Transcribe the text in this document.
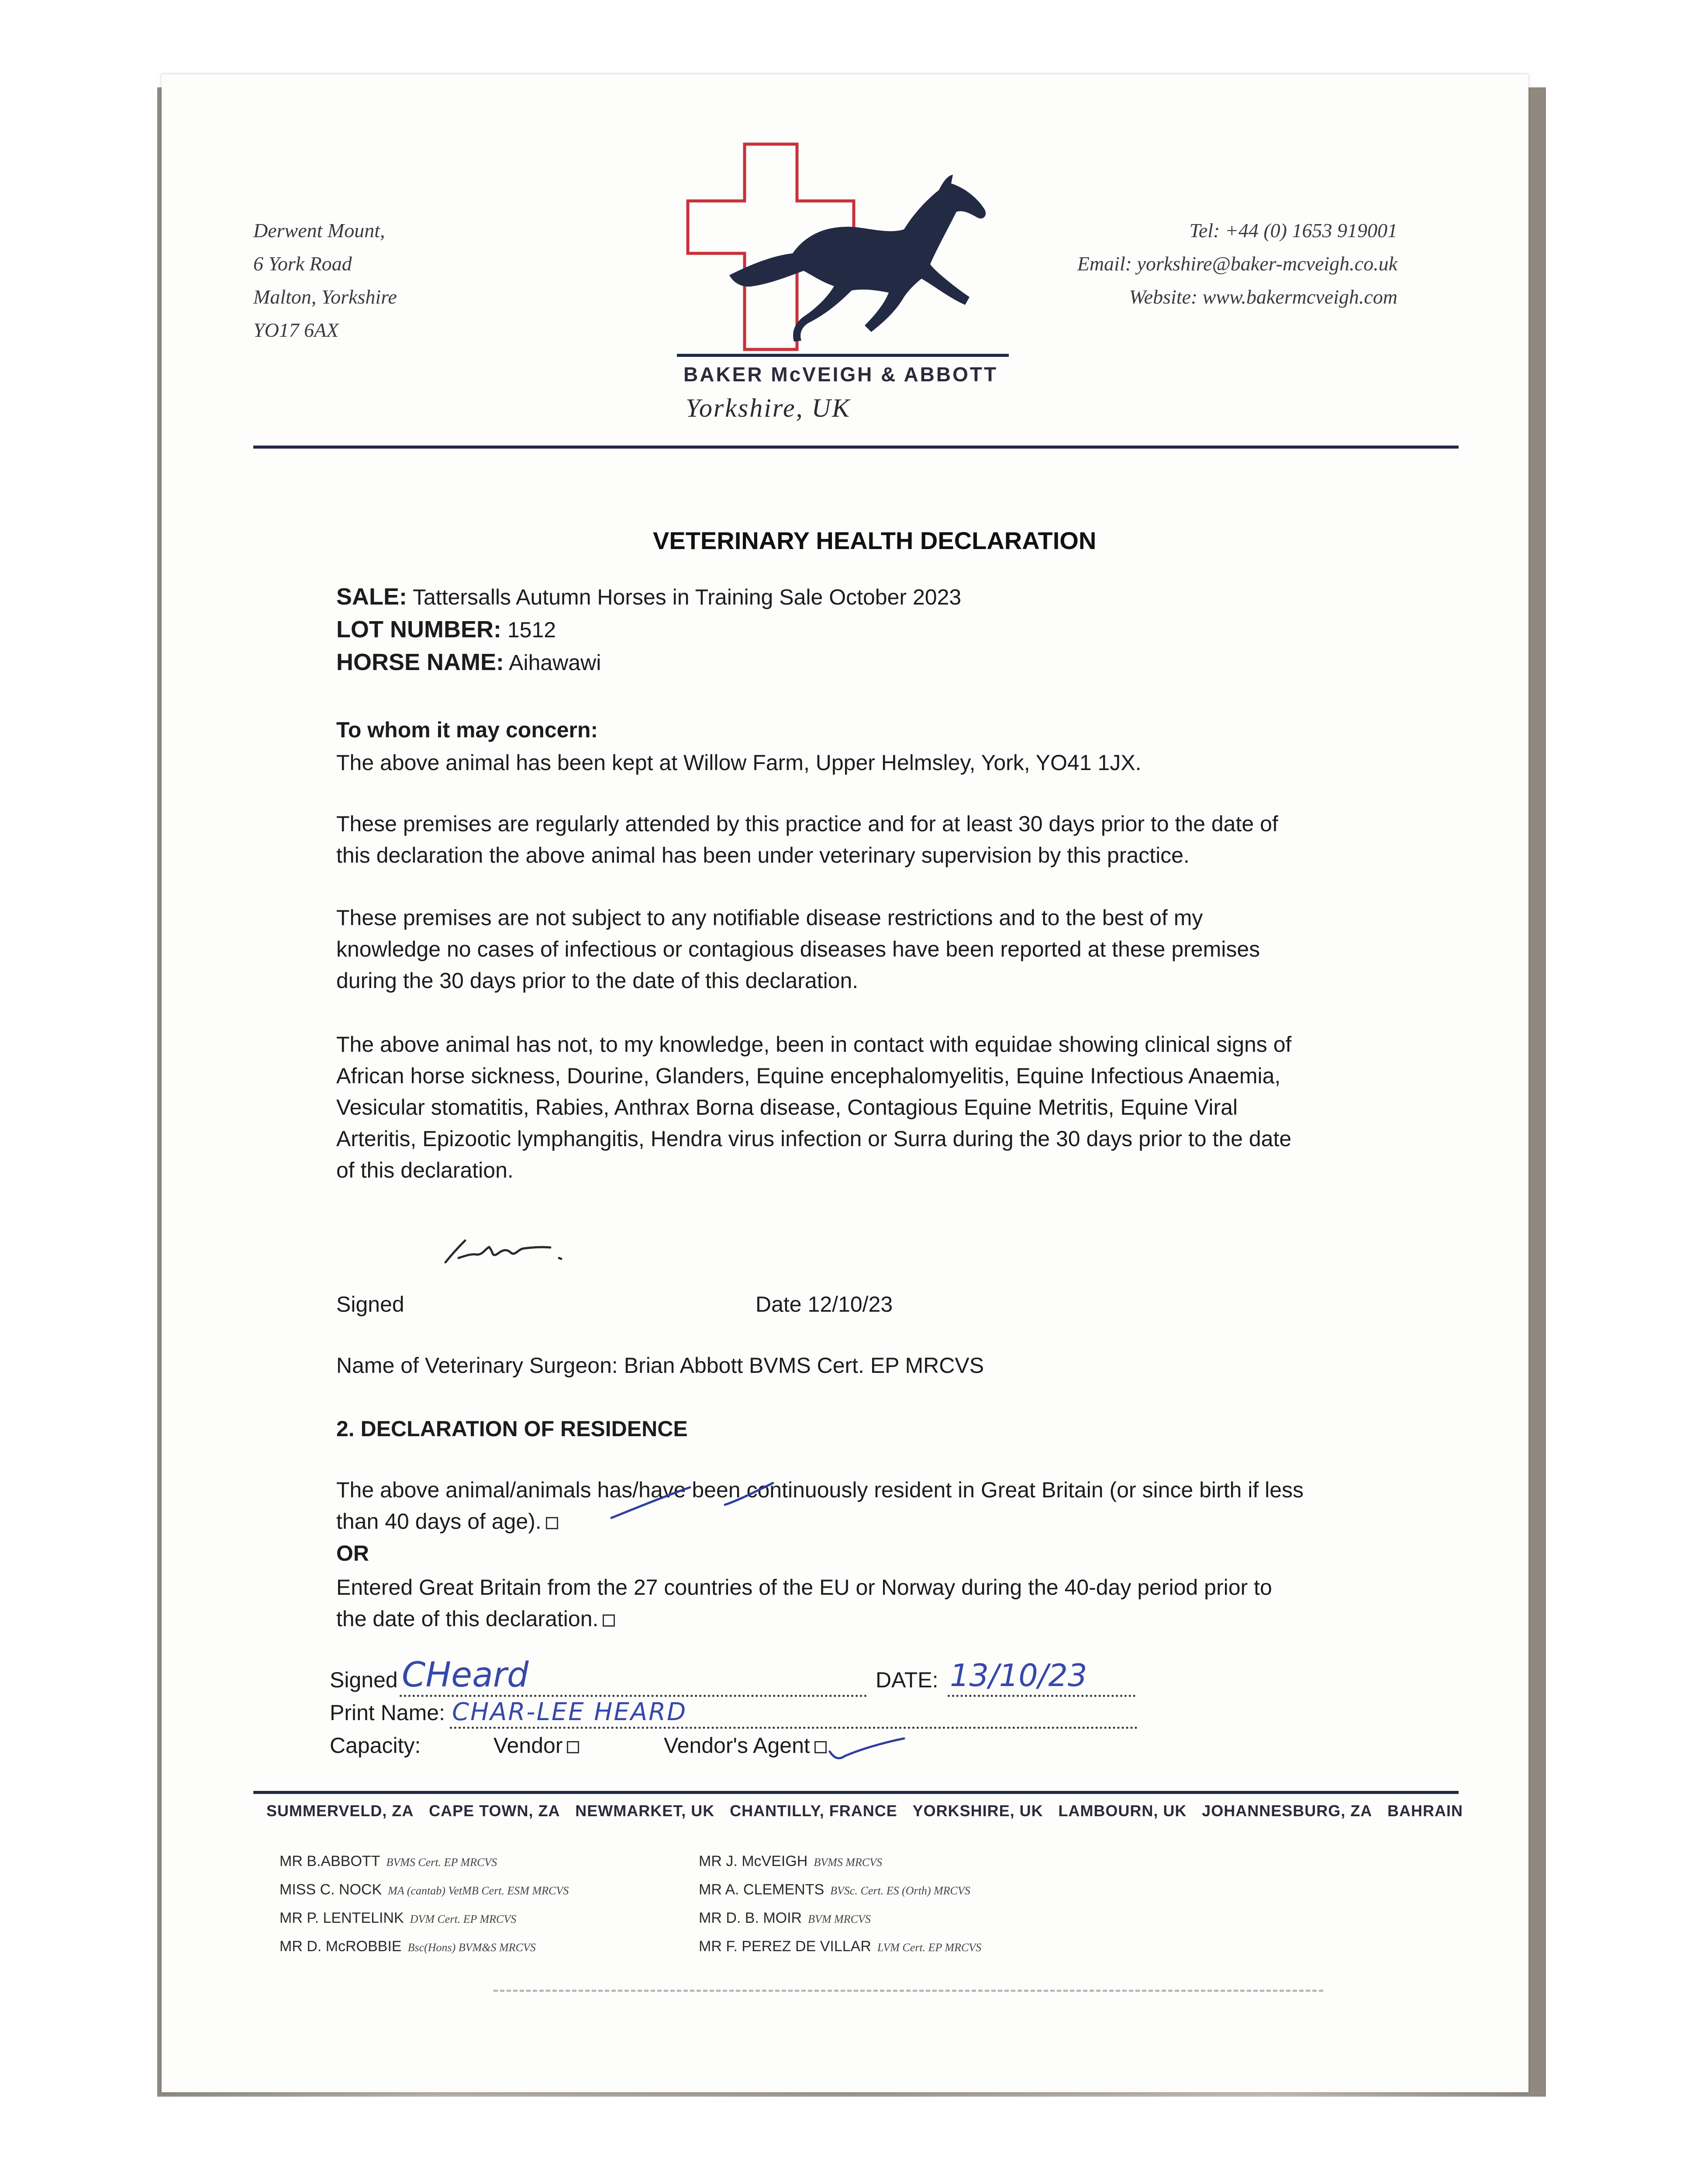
Derwent Mount,
6 York Road
Malton, Yorkshire
YO17 6AX
Tel: +44 (0) 1653 919001
Email: yorkshire@baker-mcveigh.co.uk
Website: www.bakermcveigh.com
BAKER McVEIGH & ABBOTT
Yorkshire, UK
VETERINARY HEALTH DECLARATION
SALE: Tattersalls Autumn Horses in Training Sale October 2023
LOT NUMBER: 1512
HORSE NAME: Aihawawi
To whom it may concern:
The above animal has been kept at Willow Farm, Upper Helmsley, York, YO41 1JX.
These premises are regularly attended by this practice and for at least 30 days prior to the date of
this declaration the above animal has been under veterinary supervision by this practice.
These premises are not subject to any notifiable disease restrictions and to the best of my
knowledge no cases of infectious or contagious diseases have been reported at these premises
during the 30 days prior to the date of this declaration.
The above animal has not, to my knowledge, been in contact with equidae showing clinical signs of
African horse sickness, Dourine, Glanders, Equine encephalomyelitis, Equine Infectious Anaemia,
Vesicular stomatitis, Rabies, Anthrax Borna disease, Contagious Equine Metritis, Equine Viral
Arteritis, Epizootic lymphangitis, Hendra virus infection or Surra during the 30 days prior to the date
of this declaration.
Signed	Date 12/10/23
Name of Veterinary Surgeon: Brian Abbott BVMS Cert. EP MRCVS
2. DECLARATION OF RESIDENCE
The above animal/animals has/have been continuously resident in Great Britain (or since birth if less
than 40 days of age).
OR
Entered Great Britain from the 27 countries of the EU or Norway during the 40-day period prior to
the date of this declaration.
Signed CHeard	DATE: 13/10/23
Print Name: CHAR-LEE HEARD
Capacity:	Vendor	Vendor's Agent
SUMMERVELD, ZA CAPE TOWN, ZA NEWMARKET, UK CHANTILLY, FRANCE YORKSHIRE, UK LAMBOURN, UK JOHANNESBURG, ZA BAHRAIN
MR B.ABBOTT BVMS Cert. EP MRCVS
MISS C. NOCK MA (cantab) VetMB Cert. ESM MRCVS
MR P. LENTELINK DVM Cert. EP MRCVS
MR D. McROBBIE Bsc(Hons) BVM&S MRCVS
MR J. McVEIGH BVMS MRCVS
MR A. CLEMENTS BVSc. Cert. ES (Orth) MRCVS
MR D. B. MOIR BVM MRCVS
MR F. PEREZ DE VILLAR LVM Cert. EP MRCVS
